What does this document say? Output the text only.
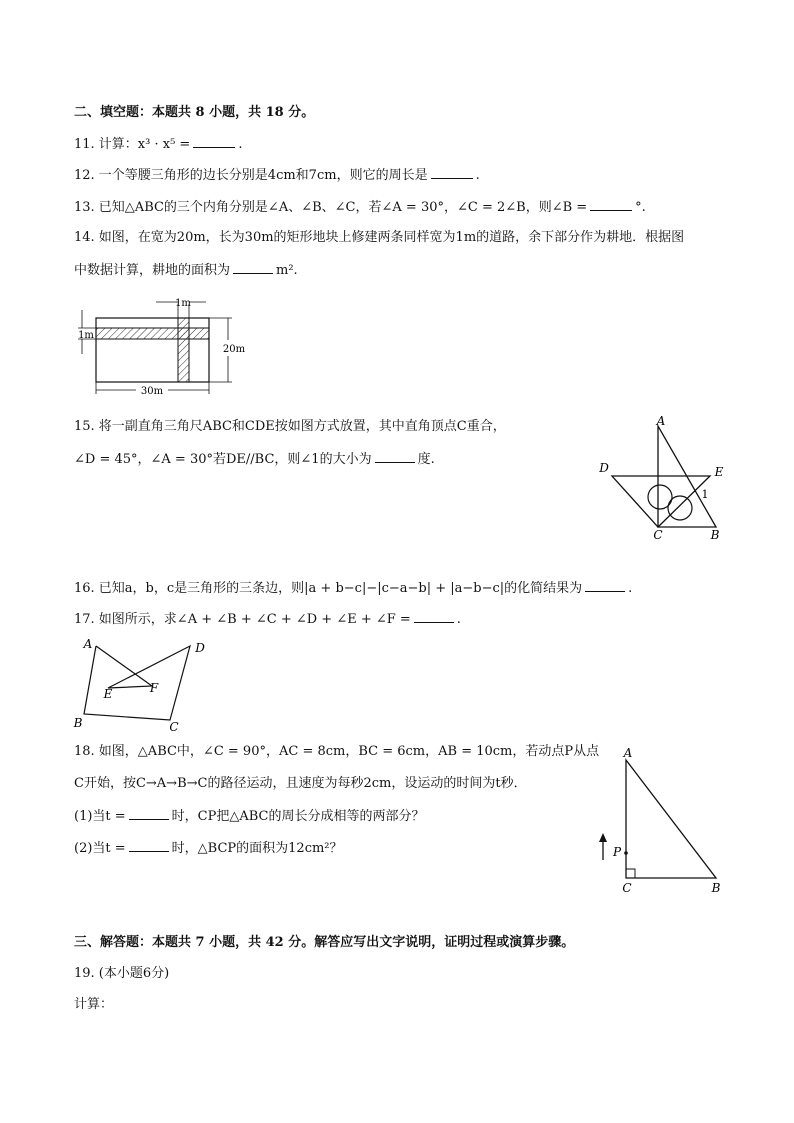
二、填空题：本题共 8 小题，共 18 分。
11. 计算：x³ · x⁵ =	.
12. 一个等腰三角形的边长分别是4cm和7cm，则它的周长是	.
13. 已知△ABC的三个内角分别是∠A、∠B、∠C，若∠A = 30°，∠C = 2∠B，则∠B =	°.
14. 如图，在宽为20m，长为30m的矩形地块上修建两条同样宽为1m的道路，余下部分作为耕地．根据图
中数据计算，耕地的面积为	m².
1m
1m
20m
30m
15. 将一副直角三角尺ABC和CDE按如图方式放置，其中直角顶点C重合，
∠D = 45°，∠A = 30°若DE//BC，则∠1的大小为	度.
A
D	E
C	B
1
16. 已知a，b，c是三角形的三条边，则|a + b−c|−|c−a−b| + |a−b−c|的化简结果为	.
17. 如图所示，求∠A + ∠B + ∠C + ∠D + ∠E + ∠F =	.
A	D
E	F
B	C
18. 如图，△ABC中，∠C = 90°，AC = 8cm，BC = 6cm，AB = 10cm，若动点P从点
C开始，按C→A→B→C的路径运动，且速度为每秒2cm，设运动的时间为t秒．
(1)当t =	时，CP把△ABC的周长分成相等的两部分？
(2)当t =	时，△BCP的面积为12cm²？
A
P
C	B
三、解答题：本题共 7 小题，共 42 分。解答应写出文字说明，证明过程或演算步骤。
19. (本小题6分)
计算：
